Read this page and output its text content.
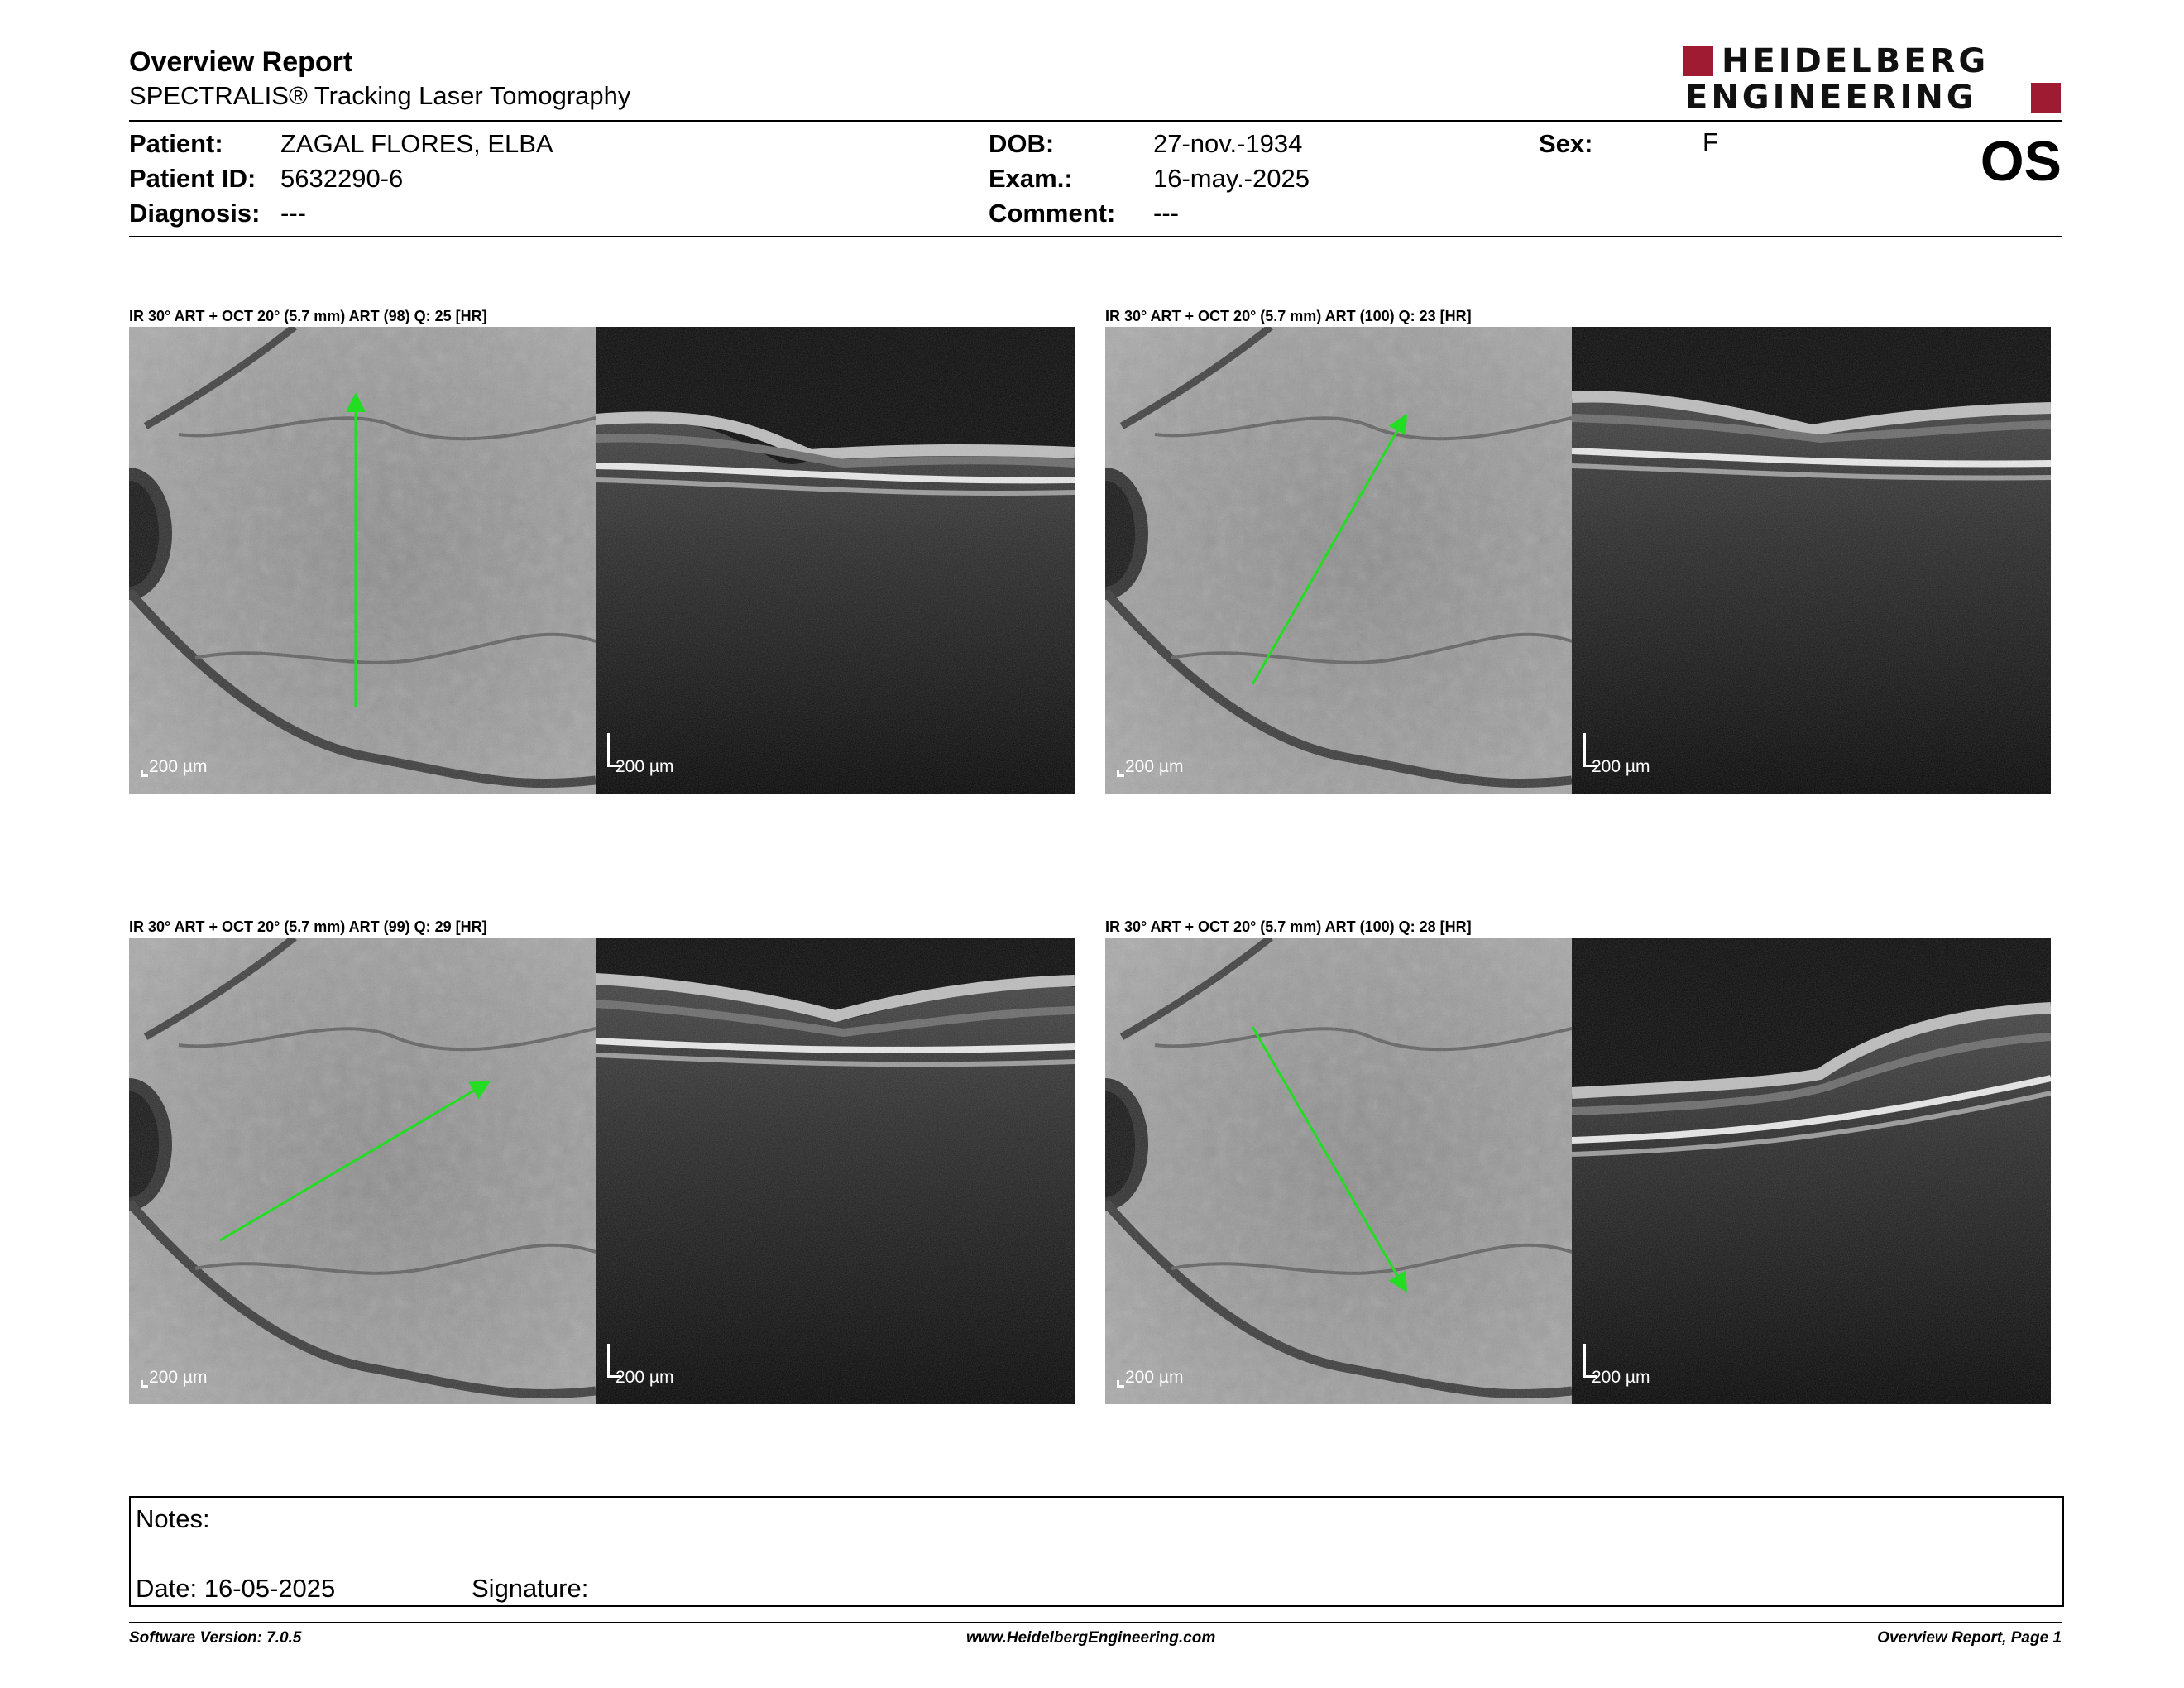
Overview Report
SPECTRALIS® Tracking Laser Tomography
HEIDELBERG
ENGINEERING
Patient: ZAGAL FLORES, ELBA
Patient ID: 5632290-6
Diagnosis: ---
DOB:	27-nov.-1934
Exam.:	16-may.-2025
Comment: ---
Sex:	F	OS
IR 30° ART + OCT 20° (5.7 mm) ART (98) Q: 25 [HR]
200 µm	200 µm
IR 30° ART + OCT 20° (5.7 mm) ART (100) Q: 23 [HR]
200 µm	200 µm
IR 30° ART + OCT 20° (5.7 mm) ART (99) Q: 29 [HR]
200 µm	200 µm
IR 30° ART + OCT 20° (5.7 mm) ART (100) Q: 28 [HR]
200 µm	200 µm
Notes:
Date: 16-05-2025	Signature:
Software Version: 7.0.5	www.HeidelbergEngineering.com	Overview Report, Page 1
